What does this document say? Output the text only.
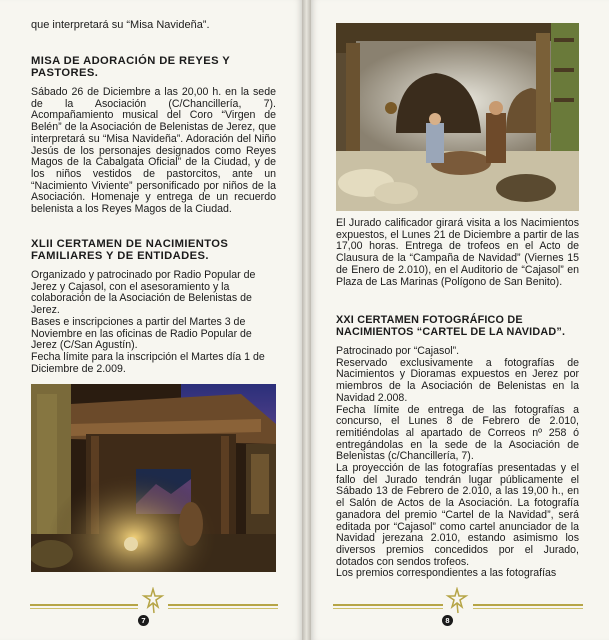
que interpretará su “Misa Navideña”.
MISA DE ADORACIÓN DE REYES Y
PASTORES.
Sábado 26 de Diciembre a las 20,00 h. en la sede de la Asociación (C/Chancillería, 7). Acompañamiento musical del Coro “Virgen de Belén” de la Asociación de Belenistas de Jerez, que interpretará su “Misa Navideña”. Adoración del Niño Jesús de los personajes designados como Reyes Magos de la Cabalgata Oficial” de la Ciudad, y de los niños vestidos de pastorcitos, ante un “Nacimiento Viviente” personificado por niños de la Asociación. Homenaje y entrega de un recuerdo belenista a los Reyes Magos de la Ciudad.
XLII CERTAMEN DE NACIMIENTOS
FAMILIARES Y DE ENTIDADES.

Organizado y patrocinado por Radio Popular de Jerez y Cajasol, con el asesoramiento y la colaboración de la Asociación de Belenistas de Jerez.

Bases e inscripciones a partir del Martes 3 de Noviembre en las oficinas de Radio Popular de Jerez (C/San Agustín).

Fecha límite para la inscripción el Martes día 1 de Diciembre de 2.009.

7
El Jurado calificador girará visita a los Nacimientos expuestos, el Lunes 21 de Diciembre a partir de las 17,00 horas. Entrega de trofeos en el Acto de Clausura de la “Campaña de Navidad” (Viernes 15 de Enero de 2.010), en el Auditorio de “Cajasol” en Plaza de Las Marinas (Polígono de San Benito).
XXI CERTAMEN FOTOGRÁFICO DE
NACIMIENTOS “CARTEL DE LA NAVIDAD”.

Patrocinado por “Cajasol”.

Reservado exclusivamente a fotografías de Nacimientos y Dioramas expuestos en Jerez por miembros de la Asociación de Belenistas en la Navidad 2.008.

Fecha límite de entrega de las fotografías a concurso, el Lunes 8 de Febrero de 2.010, remitiéndolas al apartado de Correos nº 258 ó entregándolas en la sede de la Asociación de Belenistas (c/Chancillería, 7).

La proyección de las fotografías presentadas y el fallo del Jurado tendrán lugar públicamente el Sábado 13 de Febrero de 2.010, a las 19,00 h., en el Salón de Actos de la Asociación. La fotografía ganadora del premio “Cartel de la Navidad”, será editada por “Cajasol” como cartel anunciador de la Navidad jerezana 2.010, estando asimismo los diversos premios concedidos por el Jurado, dotados con sendos trofeos.

Los premios correspondientes a las fotografías

8
